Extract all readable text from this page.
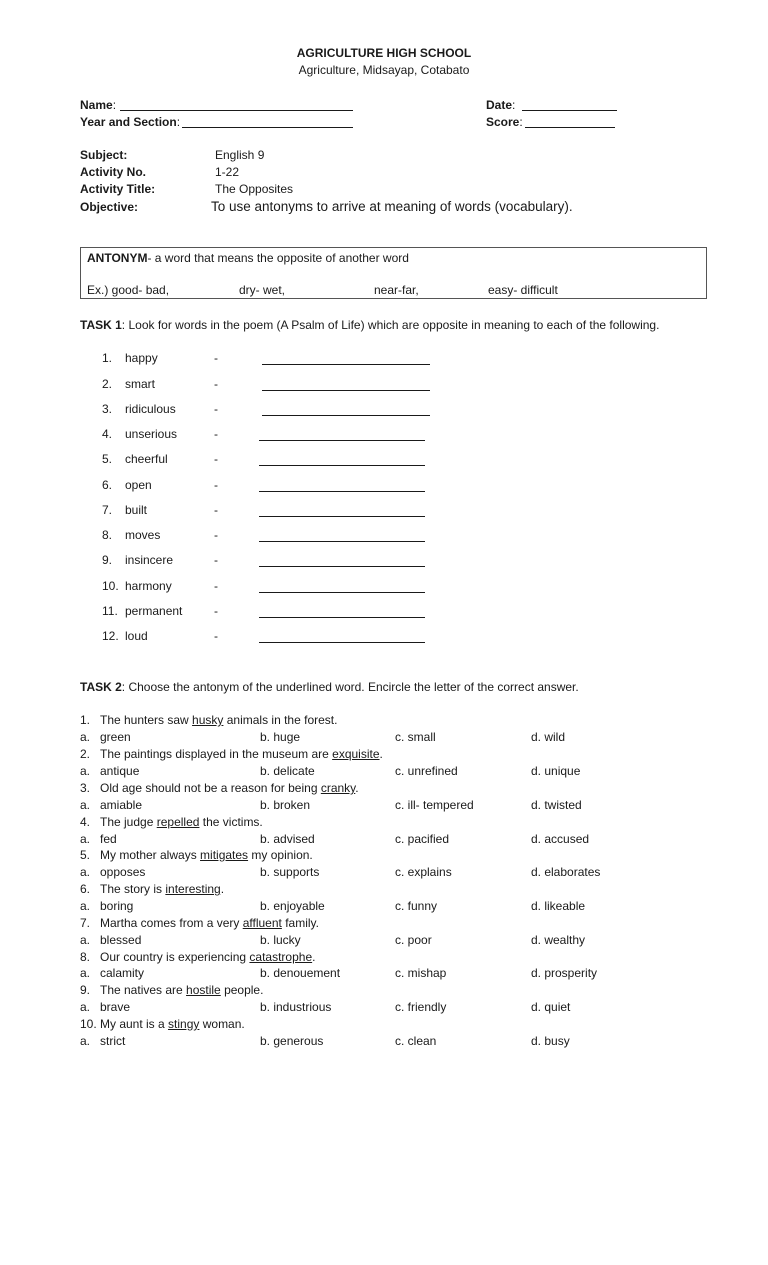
AGRICULTURE HIGH SCHOOL
Agriculture, Midsayap, Cotabato
Name:	Date:
Year and Section:	Score:
Subject:	English 9
Activity No.	1-22
Activity Title:	The Opposites
Objective:	To use antonyms to arrive at meaning of words (vocabulary).
ANTONYM- a word that means the opposite of another word
Ex.) good- bad,	dry- wet,	near-far,	easy- difficult
TASK 1: Look for words in the poem (A Psalm of Life) which are opposite in meaning to each of the following.
1. happy	-
2. smart	-
3. ridiculous	-
4. unserious	-
5. cheerful	-
6. open	-
7. built	-
8. moves	-
9. insincere	-
10. harmony	-
11. permanent	-
12. loud	-
TASK 2: Choose the antonym of the underlined word. Encircle the letter of the correct answer.
1. The hunters saw husky animals in the forest.
a. green	b. huge	c. small	d. wild
2. The paintings displayed in the museum are exquisite.
a. antique	b. delicate	c. unrefined	d. unique
3. Old age should not be a reason for being cranky.
a. amiable	b. broken	c. ill- tempered	d. twisted
4. The judge repelled the victims.
a. fed	b. advised	c. pacified	d. accused
5. My mother always mitigates my opinion.
a. opposes	b. supports	c. explains	d. elaborates
6. The story is interesting.
a. boring	b. enjoyable	c. funny	d. likeable
7. Martha comes from a very affluent family.
a. blessed	b. lucky	c. poor	d. wealthy
8. Our country is experiencing catastrophe.
a. calamity	b. denouement	c. mishap	d. prosperity
9. The natives are hostile people.
a. brave	b. industrious	c. friendly	d. quiet
10. My aunt is a stingy woman.
a. strict	b. generous	c. clean	d. busy
